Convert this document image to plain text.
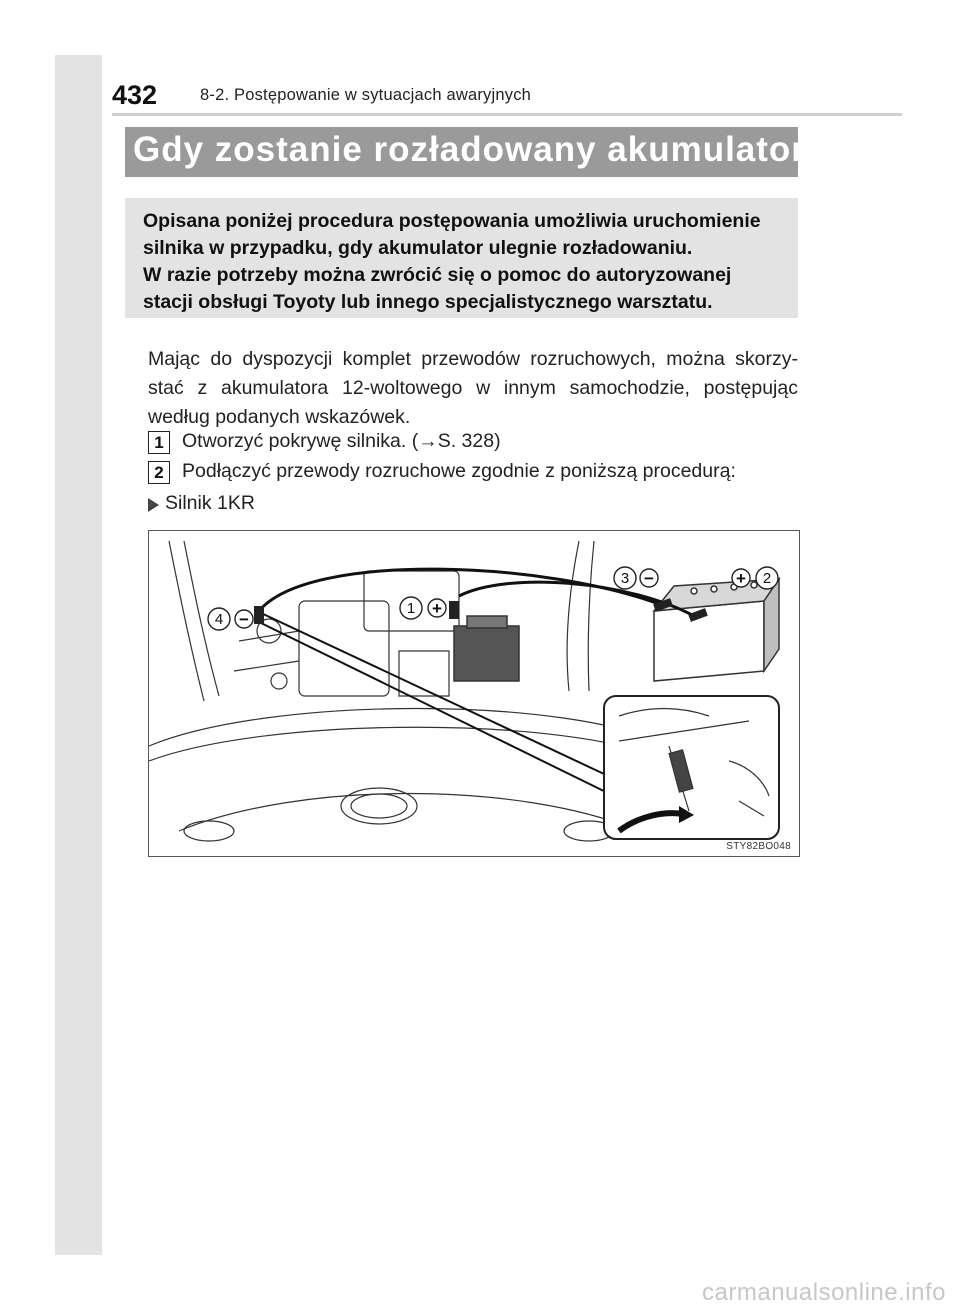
432	8-2. Postępowanie w sytuacjach awaryjnych
Gdy zostanie rozładowany akumulator
Opisana poniżej procedura postępowania umożliwia uruchomienie
silnika w przypadku, gdy akumulator ulegnie rozładowaniu.
W razie potrzeby można zwrócić się o pomoc do autoryzowanej
stacji obsługi Toyoty lub innego specjalistycznego warsztatu.
Mając do dyspozycji komplet przewodów rozruchowych, można skorzy-stać z akumulatora 12-woltowego w innym samochodzie, postępując według podanych wskazówek.
1 Otworzyć pokrywę silnika. (→S. 328)
2 Podłączyć przewody rozruchowe zgodnie z poniższą procedurą:
Silnik 1KR
1
2
3
4
+
+
−
−
STY82BO048
carmanualsonline.info
